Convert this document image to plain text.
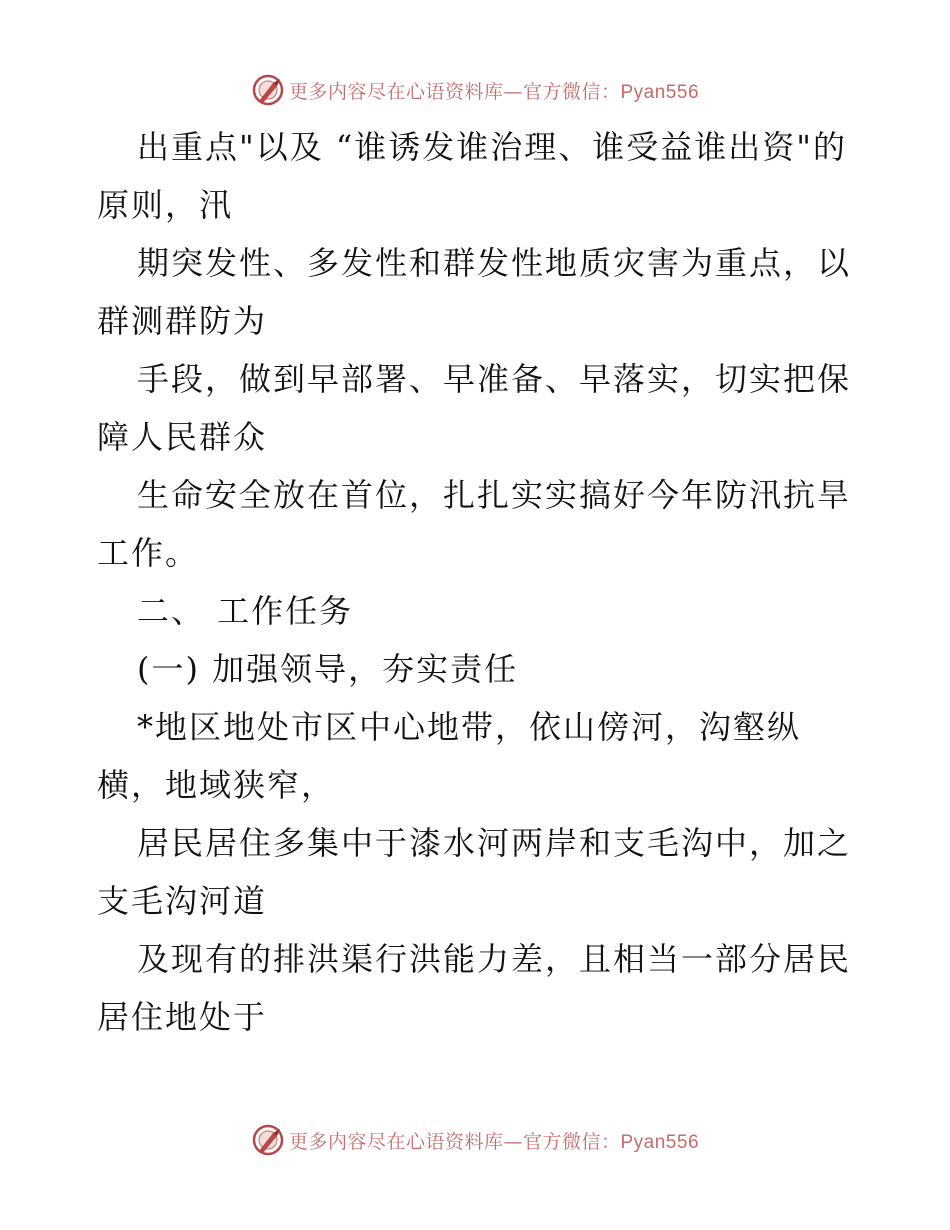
更多内容尽在心语资料库—官方微信：Pyan556
出重点"以及 “谁诱发谁治理、谁受益谁出资"的
原则，汛
期突发性、多发性和群发性地质灾害为重点，以
群测群防为
手段，做到早部署、早准备、早落实，切实把保
障人民群众
生命安全放在首位，扎扎实实搞好今年防汛抗旱
工作。
二、 工作任务
(一) 加强领导，夯实责任
*地区地处市区中心地带，依山傍河，沟壑纵
横，地域狭窄，
居民居住多集中于漆水河两岸和支毛沟中，加之
支毛沟河道
及现有的排洪渠行洪能力差，且相当一部分居民
居住地处于
更多内容尽在心语资料库—官方微信：Pyan556
